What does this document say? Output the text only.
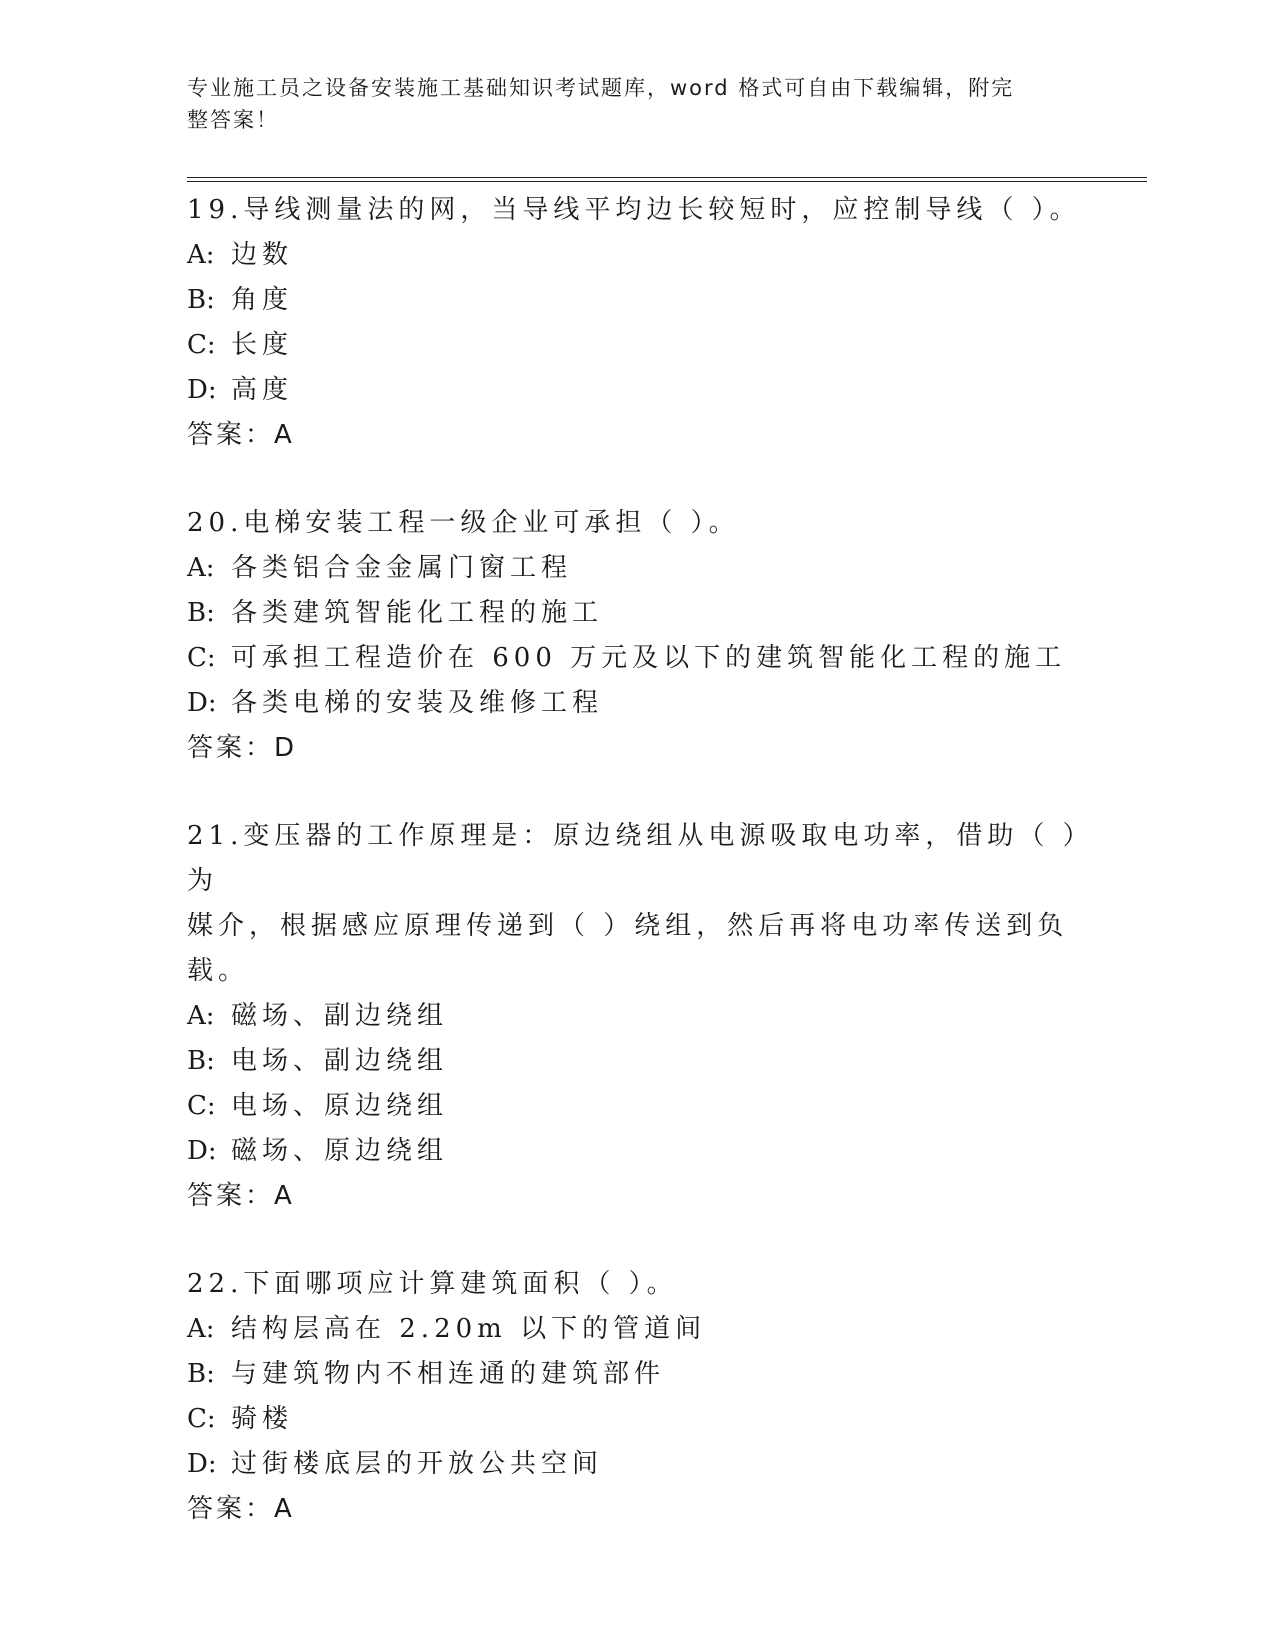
专业施工员之设备安装施工基础知识考试题库，word 格式可自由下载编辑，附完
整答案！
19.导线测量法的网，当导线平均边长较短时，应控制导线（ ）。
A: 边数
B: 角度
C: 长度
D: 高度
答案：A
20.电梯安装工程一级企业可承担（ ）。
A: 各类铝合金金属门窗工程
B: 各类建筑智能化工程的施工
C: 可承担工程造价在 600 万元及以下的建筑智能化工程的施工
D: 各类电梯的安装及维修工程
答案：D
21.变压器的工作原理是：原边绕组从电源吸取电功率，借助（ ）为
媒介，根据感应原理传递到（ ）绕组，然后再将电功率传送到负载。
A: 磁场、副边绕组
B: 电场、副边绕组
C: 电场、原边绕组
D: 磁场、原边绕组
答案：A
22.下面哪项应计算建筑面积（ ）。
A: 结构层高在 2.20m 以下的管道间
B: 与建筑物内不相连通的建筑部件
C: 骑楼
D: 过街楼底层的开放公共空间
答案：A
